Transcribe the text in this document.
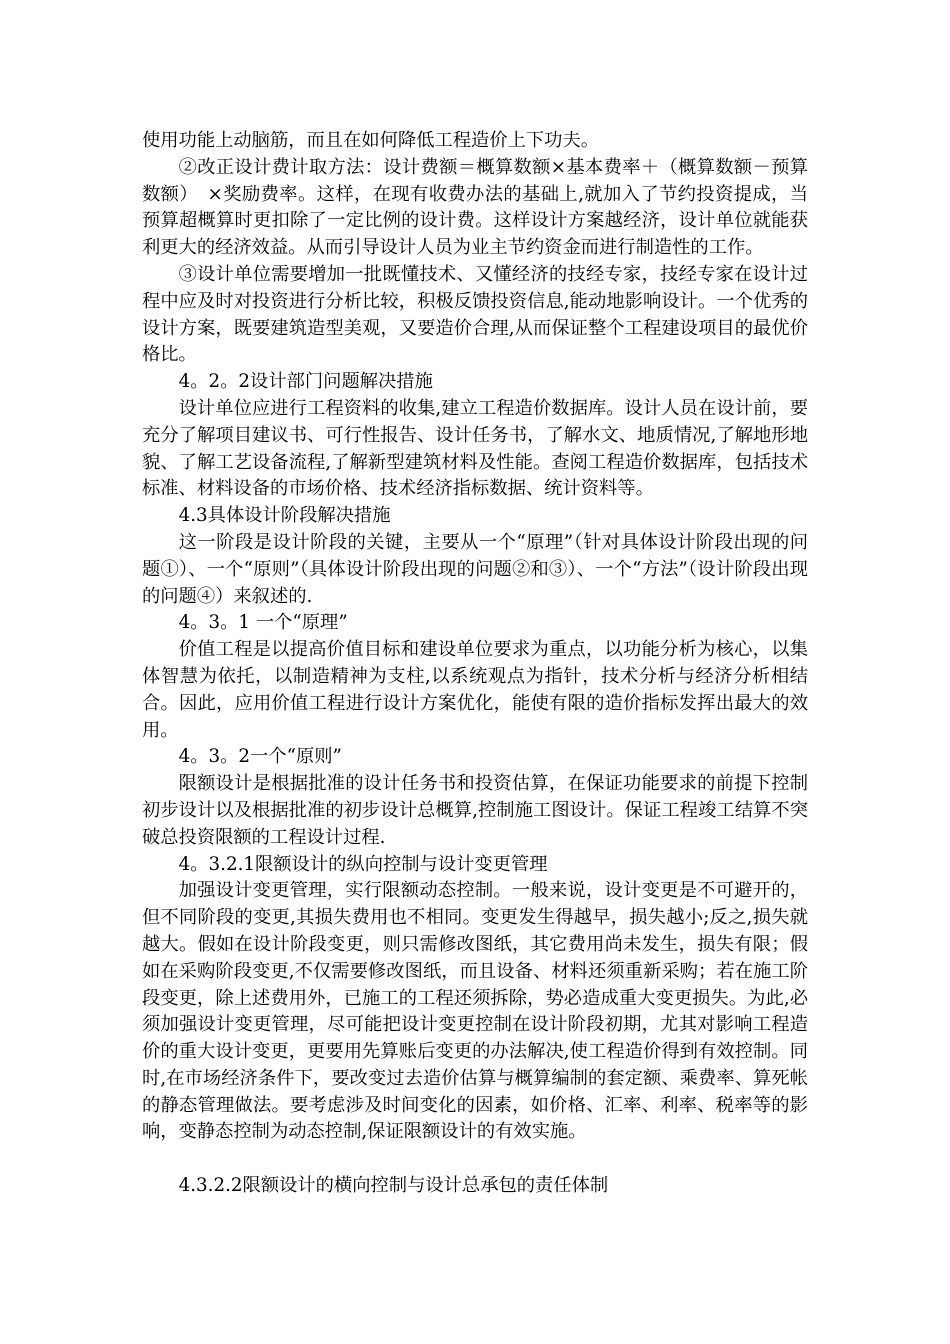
使用功能上动脑筋，而且在如何降低工程造价上下功夫。

②改正设计费计取方法：设计费额＝概算数额×基本费率＋（概算数额－预算数额）　×奖励费率。这样，在现有收费办法的基础上,就加入了节约投资提成，当预算超概算时更扣除了一定比例的设计费。这样设计方案越经济，设计单位就能获利更大的经济效益。从而引导设计人员为业主节约资金而进行制造性的工作。

③设计单位需要增加一批既懂技术、又懂经济的技经专家，技经专家在设计过程中应及时对投资进行分析比较，积极反馈投资信息,能动地影响设计。一个优秀的设计方案，既要建筑造型美观，又要造价合理,从而保证整个工程建设项目的最优价格比。

4。2。2设计部门问题解决措施

设计单位应进行工程资料的收集,建立工程造价数据库。设计人员在设计前，要充分了解项目建议书、可行性报告、设计任务书，了解水文、地质情况,了解地形地貌、了解工艺设备流程,了解新型建筑材料及性能。查阅工程造价数据库，包括技术标准、材料设备的市场价格、技术经济指标数据、统计资料等。

4.3具体设计阶段解决措施

这一阶段是设计阶段的关键，主要从一个“原理”（针对具体设计阶段出现的问题①）、一个“原则”（具体设计阶段出现的问题②和③）、一个“方法”（设计阶段出现的问题④）来叙述的.

4。3。1 一个“原理”

价值工程是以提高价值目标和建设单位要求为重点，以功能分析为核心，以集体智慧为依托，以制造精神为支柱,以系统观点为指针，技术分析与经济分析相结合。因此，应用价值工程进行设计方案优化，能使有限的造价指标发挥出最大的效用。

4。3。2一个“原则”

限额设计是根据批准的设计任务书和投资估算，在保证功能要求的前提下控制初步设计以及根据批准的初步设计总概算,控制施工图设计。保证工程竣工结算不突破总投资限额的工程设计过程.

4。3.2.1限额设计的纵向控制与设计变更管理

加强设计变更管理，实行限额动态控制。一般来说，设计变更是不可避开的，但不同阶段的变更,其损失费用也不相同。变更发生得越早，损失越小;反之,损失就越大。假如在设计阶段变更，则只需修改图纸，其它费用尚未发生，损失有限；假如在采购阶段变更,不仅需要修改图纸，而且设备、材料还须重新采购；若在施工阶段变更，除上述费用外，已施工的工程还须拆除，势必造成重大变更损失。为此,必须加强设计变更管理，尽可能把设计变更控制在设计阶段初期，尤其对影响工程造价的重大设计变更，更要用先算账后变更的办法解决,使工程造价得到有效控制。同时,在市场经济条件下，要改变过去造价估算与概算编制的套定额、乘费率、算死帐的静态管理做法。要考虑涉及时间变化的因素，如价格、汇率、利率、税率等的影响，变静态控制为动态控制,保证限额设计的有效实施。

4.3.2.2限额设计的横向控制与设计总承包的责任体制
